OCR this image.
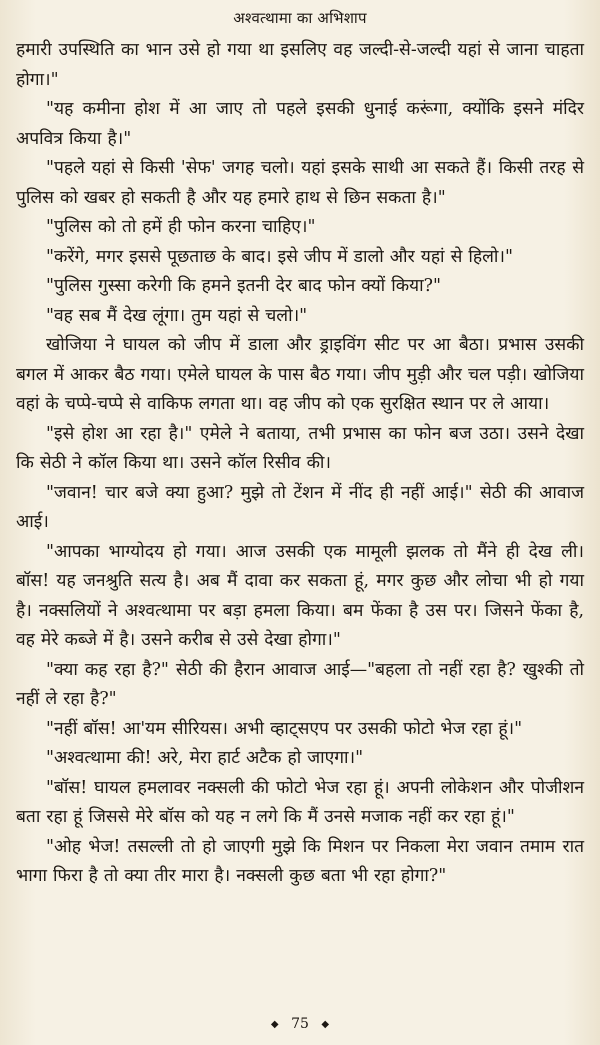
अश्वत्थामा का अभिशाप

हमारी उपस्थिति का भान उसे हो गया था इसलिए वह जल्दी-से-जल्दी यहां से जाना चाहता होगा।"

"यह कमीना होश में आ जाए तो पहले इसकी धुनाई करूंगा, क्योंकि इसने मंदिर अपवित्र किया है।"

"पहले यहां से किसी 'सेफ' जगह चलो। यहां इसके साथी आ सकते हैं। किसी तरह से पुलिस को खबर हो सकती है और यह हमारे हाथ से छिन सकता है।"

"पुलिस को तो हमें ही फोन करना चाहिए।"

"करेंगे, मगर इससे पूछताछ के बाद। इसे जीप में डालो और यहां से हिलो।"

"पुलिस गुस्सा करेगी कि हमने इतनी देर बाद फोन क्यों किया?"

"वह सब मैं देख लूंगा। तुम यहां से चलो।"

खोजिया ने घायल को जीप में डाला और ड्राइविंग सीट पर आ बैठा। प्रभास उसकी बगल में आकर बैठ गया। एमेले घायल के पास बैठ गया। जीप मुड़ी और चल पड़ी। खोजिया वहां के चप्पे-चप्पे से वाकिफ लगता था। वह जीप को एक सुरक्षित स्थान पर ले आया।

"इसे होश आ रहा है।" एमेले ने बताया, तभी प्रभास का फोन बज उठा। उसने देखा कि सेठी ने कॉल किया था। उसने कॉल रिसीव की।

"जवान! चार बजे क्या हुआ? मुझे तो टेंशन में नींद ही नहीं आई।" सेठी की आवाज आई।

"आपका भाग्योदय हो गया। आज उसकी एक मामूली झलक तो मैंने ही देख ली। बॉस! यह जनश्रुति सत्य है। अब मैं दावा कर सकता हूं, मगर कुछ और लोचा भी हो गया है। नक्सलियों ने अश्वत्थामा पर बड़ा हमला किया। बम फेंका है उस पर। जिसने फेंका है, वह मेरे कब्जे में है। उसने करीब से उसे देखा होगा।"

"क्या कह रहा है?" सेठी की हैरान आवाज आई—"बहला तो नहीं रहा है? खुश्की तो नहीं ले रहा है?"

"नहीं बॉस! आ'यम सीरियस। अभी व्हाट्सएप पर उसकी फोटो भेज रहा हूं।"

"अश्वत्थामा की! अरे, मेरा हार्ट अटैक हो जाएगा।"

"बॉस! घायल हमलावर नक्सली की फोटो भेज रहा हूं। अपनी लोकेशन और पोजीशन बता रहा हूं जिससे मेरे बॉस को यह न लगे कि मैं उनसे मजाक नहीं कर रहा हूं।"

"ओह भेज! तसल्ली तो हो जाएगी मुझे कि मिशन पर निकला मेरा जवान तमाम रात भागा फिरा है तो क्या तीर मारा है। नक्सली कुछ बता भी रहा होगा?"

◆ 75 ◆
